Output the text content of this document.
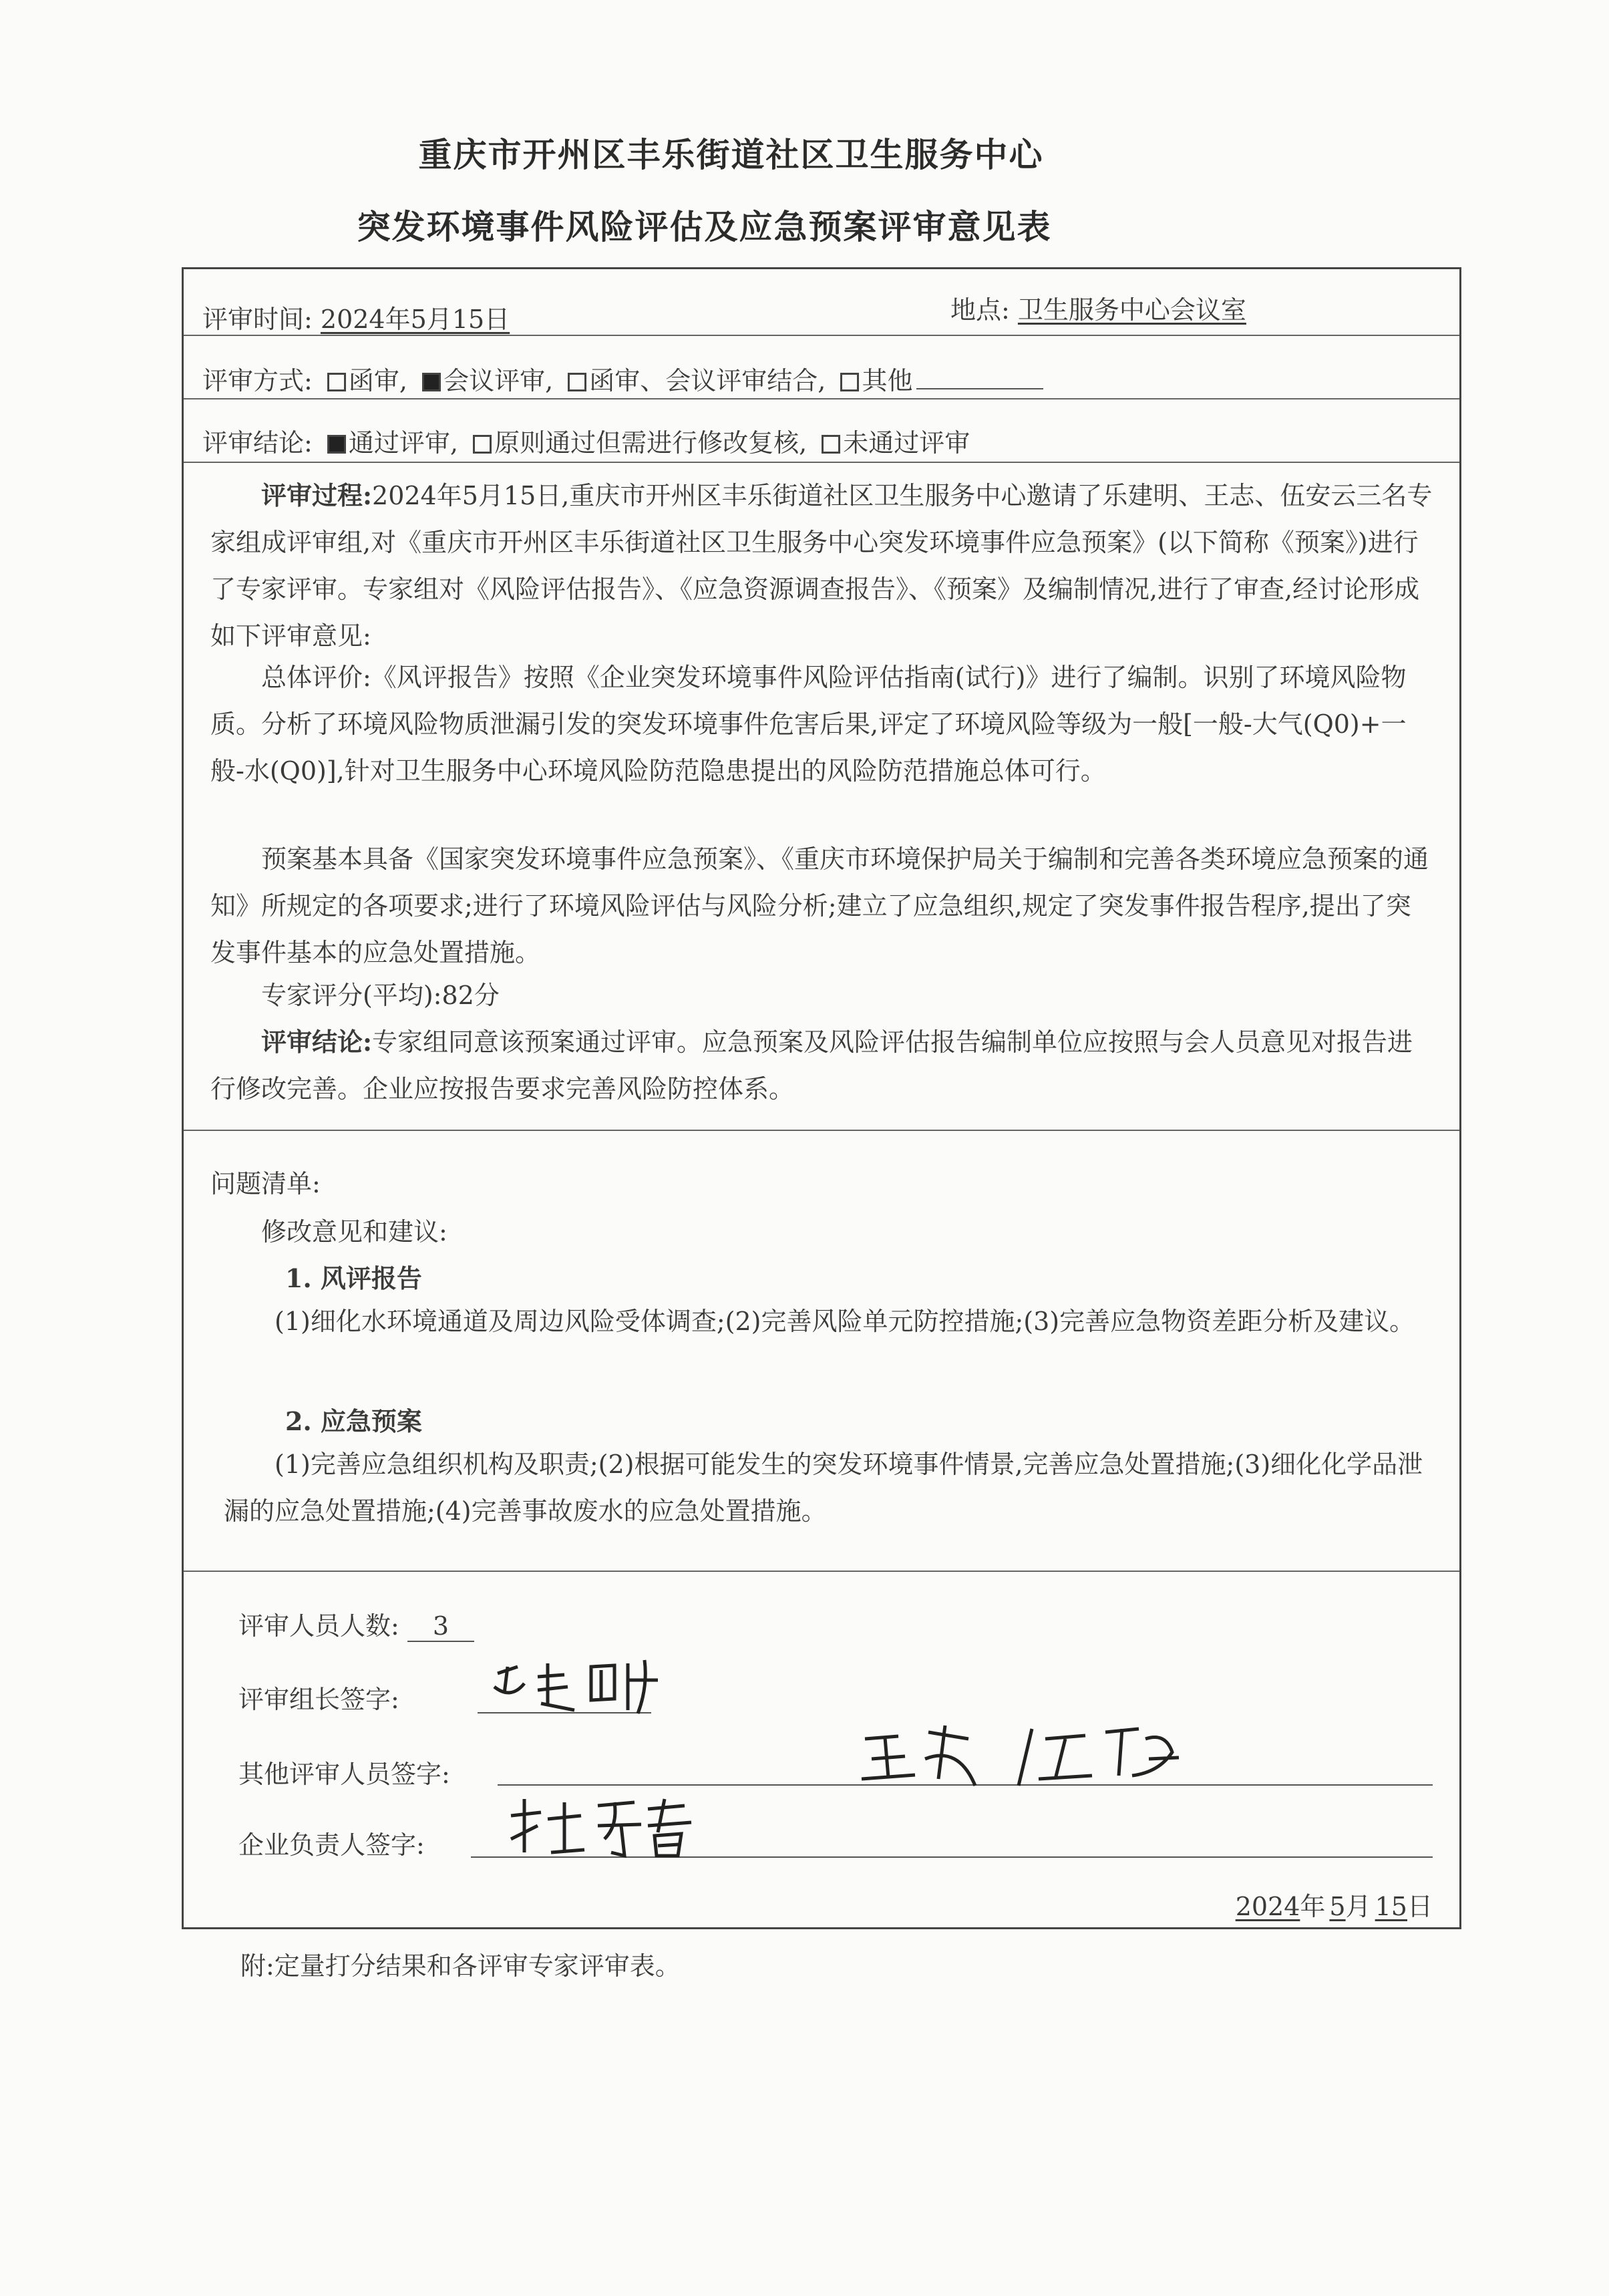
重庆市开州区丰乐街道社区卫生服务中心
突发环境事件风险评估及应急预案评审意见表
评审时间: 2024年5月15日	地点: 卫生服务中心会议室
评审方式: 函审, 会议评审, 函审、会议评审结合, 其他
评审结论: 通过评审, 原则通过但需进行修改复核, 未通过评审
评审过程:2024年5月15日,重庆市开州区丰乐街道社区卫生服务中心邀请了乐建明、王志、伍安云三名专家组成评审组,对《重庆市开州区丰乐街道社区卫生服务中心突发环境事件应急预案》(以下简称《预案》)进行了专家评审。专家组对《风险评估报告》、《应急资源调查报告》、《预案》及编制情况,进行了审查,经讨论形成如下评审意见:
总体评价:《风评报告》按照《企业突发环境事件风险评估指南(试行)》进行了编制。识别了环境风险物质。分析了环境风险物质泄漏引发的突发环境事件危害后果,评定了环境风险等级为一般[一般-大气(Q0)+一般-水(Q0)],针对卫生服务中心环境风险防范隐患提出的风险防范措施总体可行。
预案基本具备《国家突发环境事件应急预案》、《重庆市环境保护局关于编制和完善各类环境应急预案的通知》所规定的各项要求;进行了环境风险评估与风险分析;建立了应急组织,规定了突发事件报告程序,提出了突发事件基本的应急处置措施。
专家评分(平均):82分
评审结论:专家组同意该预案通过评审。应急预案及风险评估报告编制单位应按照与会人员意见对报告进行修改完善。企业应按报告要求完善风险防控体系。
问题清单:
修改意见和建议:
1. 风评报告
(1)细化水环境通道及周边风险受体调查;(2)完善风险单元防控措施;(3)完善应急物资差距分析及建议。
2. 应急预案
(1)完善应急组织机构及职责;(2)根据可能发生的突发环境事件情景,完善应急处置措施;(3)细化化学品泄漏的应急处置措施;(4)完善事故废水的应急处置措施。
评审人员人数: 3
评审组长签字:
其他评审人员签字:
企业负责人签字:
2024年 5月 15日
附:定量打分结果和各评审专家评审表。
